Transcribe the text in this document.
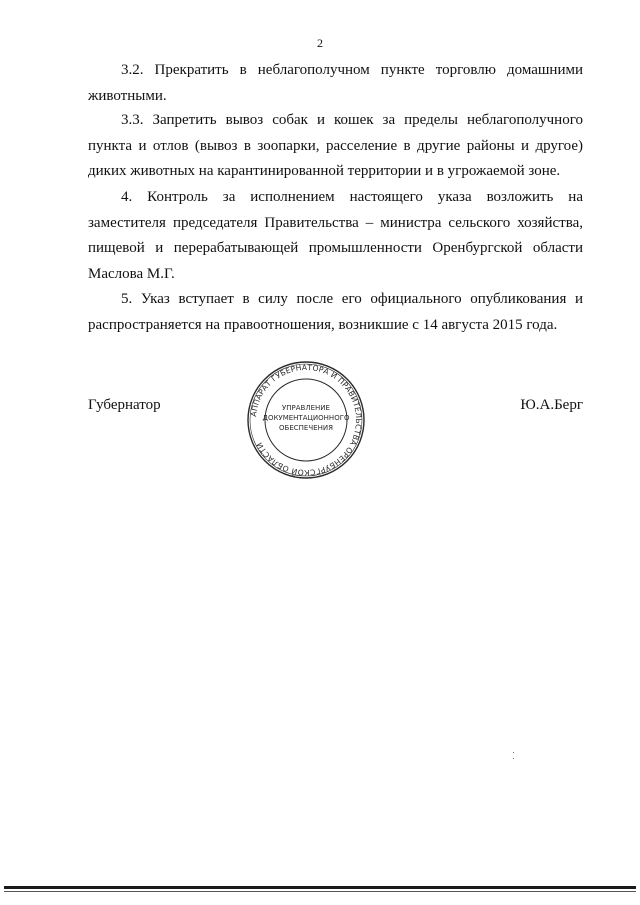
2

3.2. Прекратить в неблагополучном пункте торговлю домашними животными.

3.3. Запретить вывоз собак и кошек за пределы неблагополучного пункта и отлов (вывоз в зоопарки, расселение в другие районы и другое) диких животных на карантинированной территории и в угрожаемой зоне.

4. Контроль за исполнением настоящего указа возложить на заместителя председателя Правительства – министра сельского хозяйства, пищевой и перерабатывающей промышленности Оренбургской области Маслова М.Г.

5. Указ вступает в силу после его официального опубликования и распространяется на правоотношения, возникшие с 14 августа 2015 года.

Губернатор
АППАРАТ ГУБЕРНАТОРА И ПРАВИТЕЛЬСТВА ОРЕНБУРГСКОЙ ОБЛАСТИ
УПРАВЛЕНИЕ
ДОКУМЕНТАЦИОННОГО
ОБЕСПЕЧЕНИЯ
Ю.А.Берг
